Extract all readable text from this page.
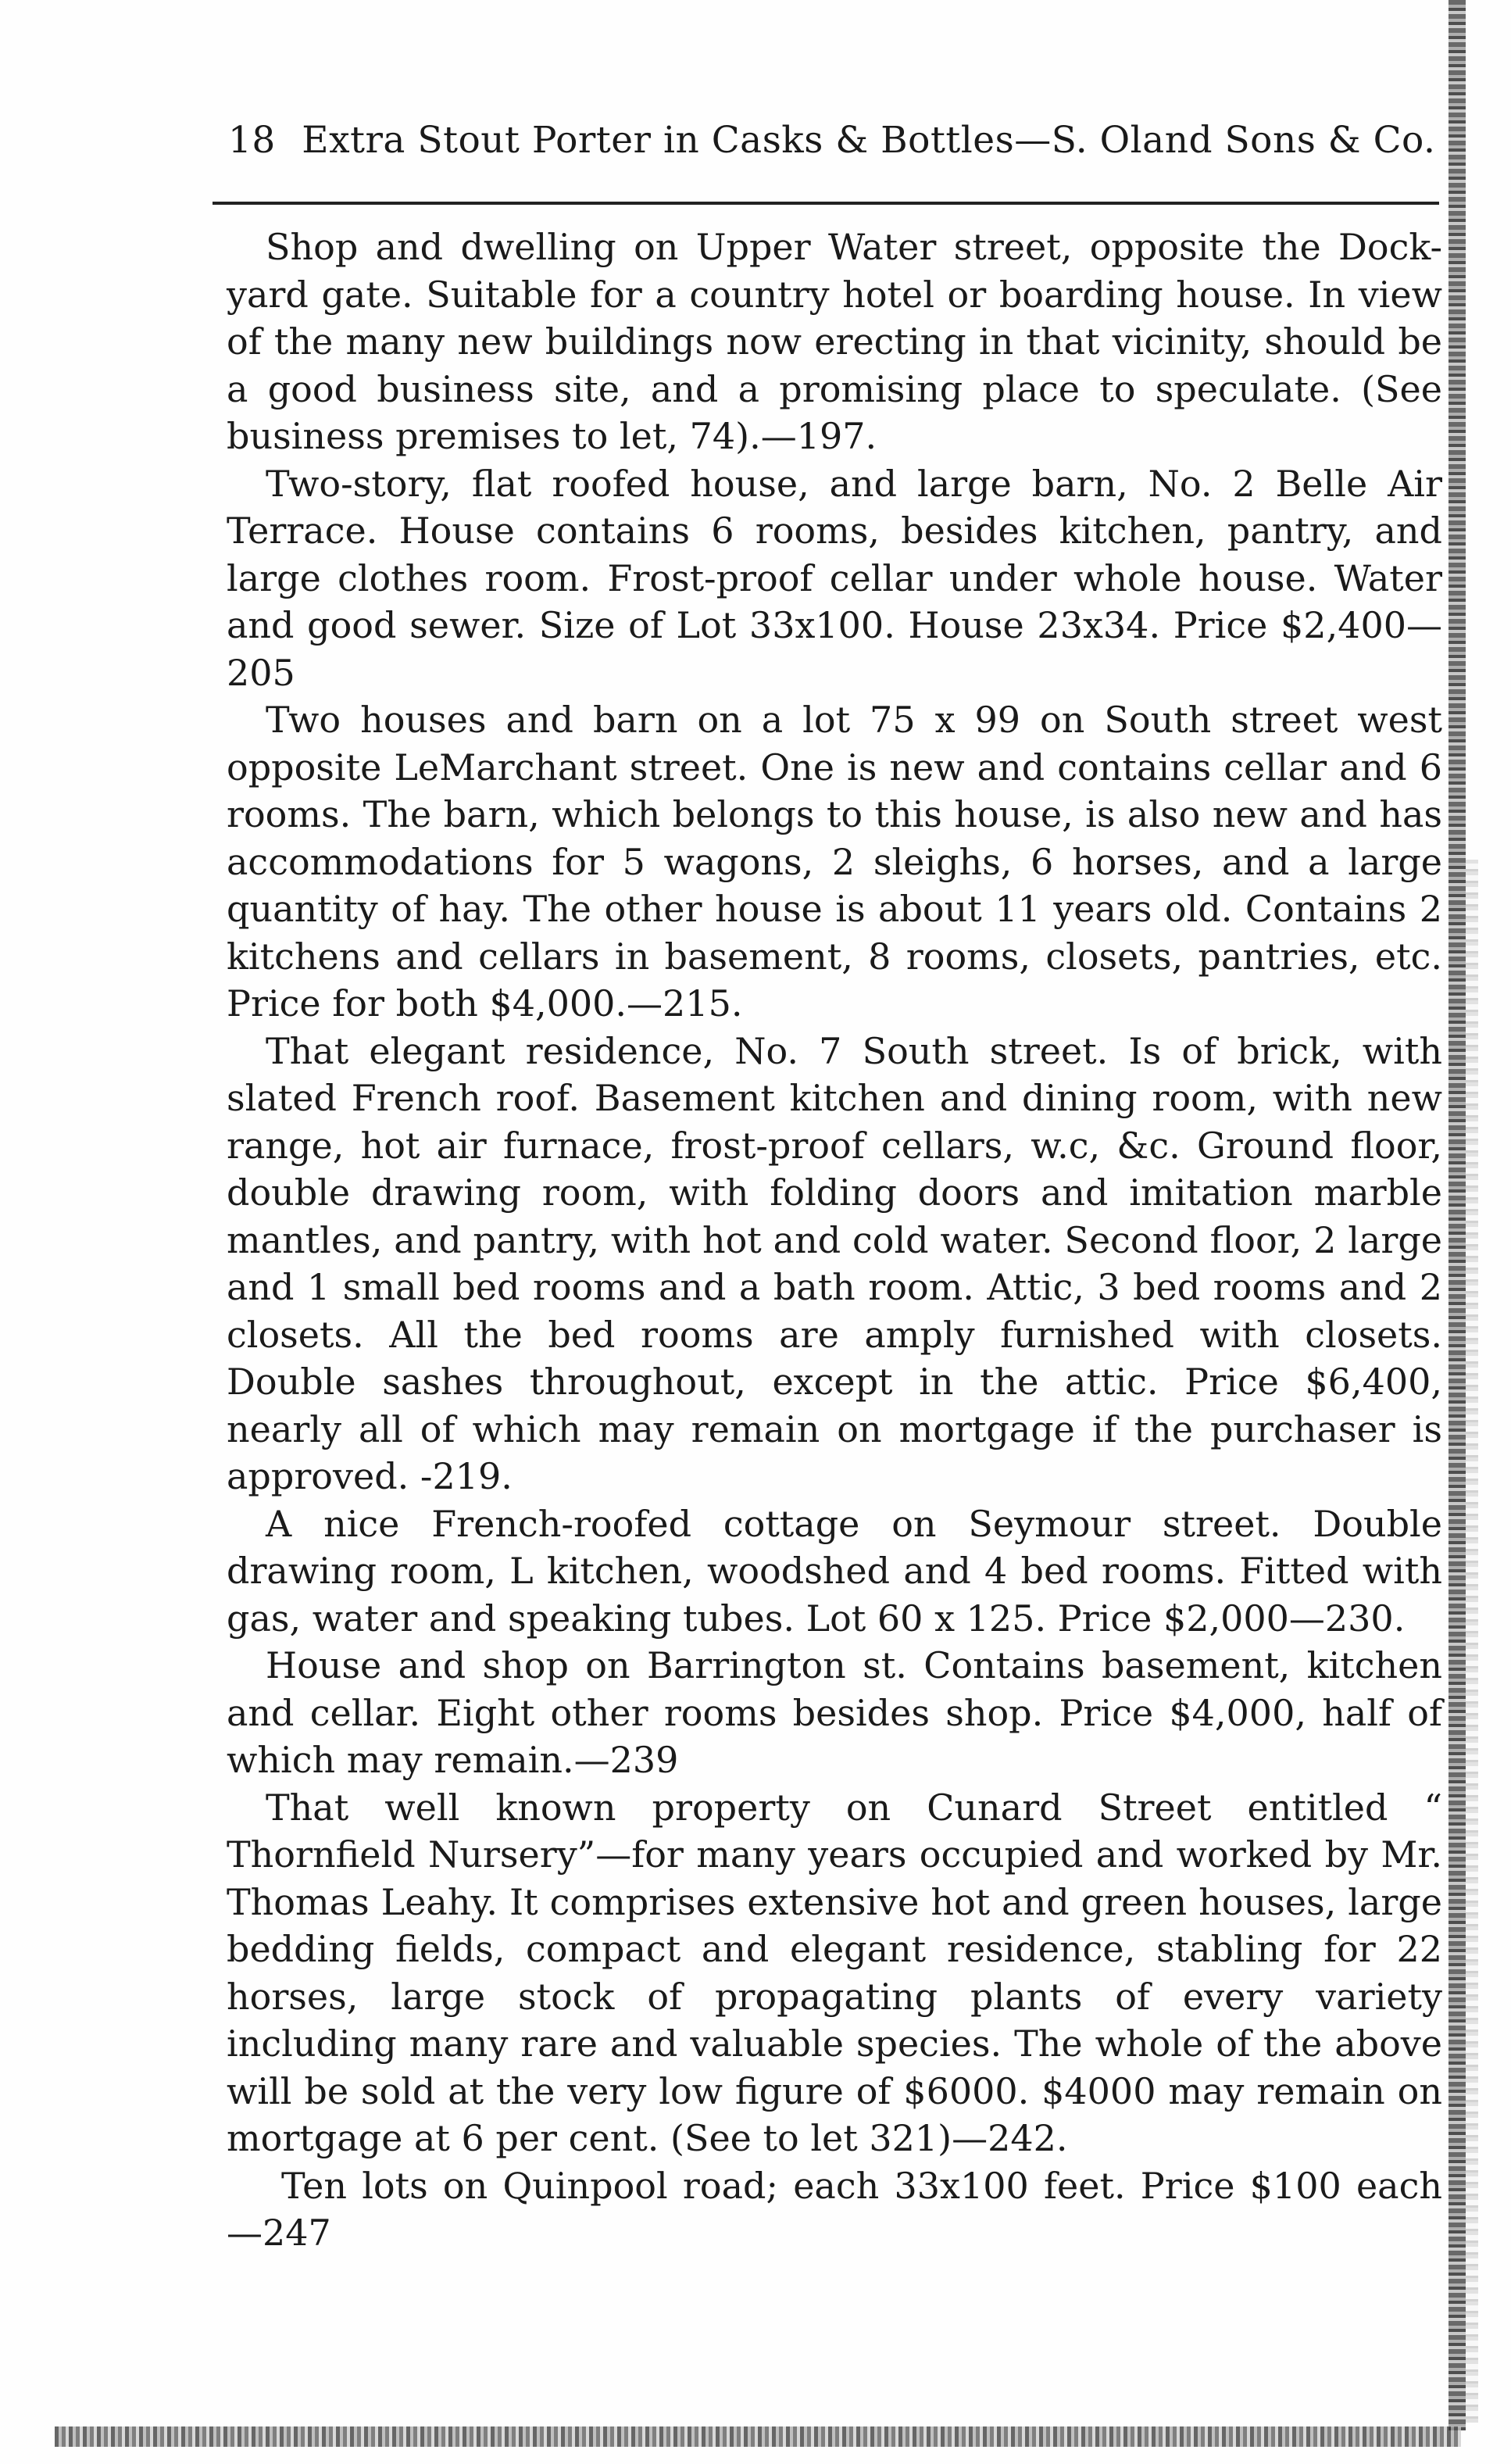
18 Extra Stout Porter in Casks & Bottles—S. Oland Sons & Co.

Shop and dwelling on Upper Water street, opposite the Dock-yard gate. Suitable for a country hotel or boarding house. In view of the many new buildings now erecting in that vicinity, should be a good business site, and a promising place to speculate. (See business premises to let, 74).—197.

Two-story, flat roofed house, and large barn, No. 2 Belle Air Terrace. House contains 6 rooms, besides kitchen, pantry, and large clothes room. Frost-proof cellar under whole house. Water and good sewer. Size of Lot 33x100. House 23x34. Price $2,400—205

Two houses and barn on a lot 75 x 99 on South street west opposite LeMarchant street. One is new and contains cellar and 6 rooms. The barn, which belongs to this house, is also new and has accommodations for 5 wagons, 2 sleighs, 6 horses, and a large quantity of hay. The other house is about 11 years old. Contains 2 kitchens and cellars in basement, 8 rooms, closets, pantries, etc. Price for both $4,000.—215.

That elegant residence, No. 7 South street. Is of brick, with slated French roof. Basement kitchen and dining room, with new range, hot air furnace, frost-proof cellars, w.c, &c. Ground floor, double drawing room, with folding doors and imitation marble mantles, and pantry, with hot and cold water. Second floor, 2 large and 1 small bed rooms and a bath room. Attic, 3 bed rooms and 2 closets. All the bed rooms are amply furnished with closets. Double sashes throughout, except in the attic. Price $6,400, nearly all of which may remain on mortgage if the purchaser is approved. -219.

A nice French-roofed cottage on Seymour street. Double drawing room, L kitchen, woodshed and 4 bed rooms. Fitted with gas, water and speaking tubes. Lot 60 x 125. Price $2,000—230.

House and shop on Barrington st. Contains basement, kitchen and cellar. Eight other rooms besides shop. Price $4,000, half of which may remain.—239

That well known property on Cunard Street entitled “ Thornfield Nursery”—for many years occupied and worked by Mr. Thomas Leahy. It comprises extensive hot and green houses, large bedding fields, compact and elegant residence, stabling for 22 horses, large stock of propagating plants of every variety including many rare and valuable species. The whole of the above will be sold at the very low figure of $6000. $4000 may remain on mortgage at 6 per cent. (See to let 321)—242.

Ten lots on Quinpool road; each 33x100 feet. Price $100 each —247
